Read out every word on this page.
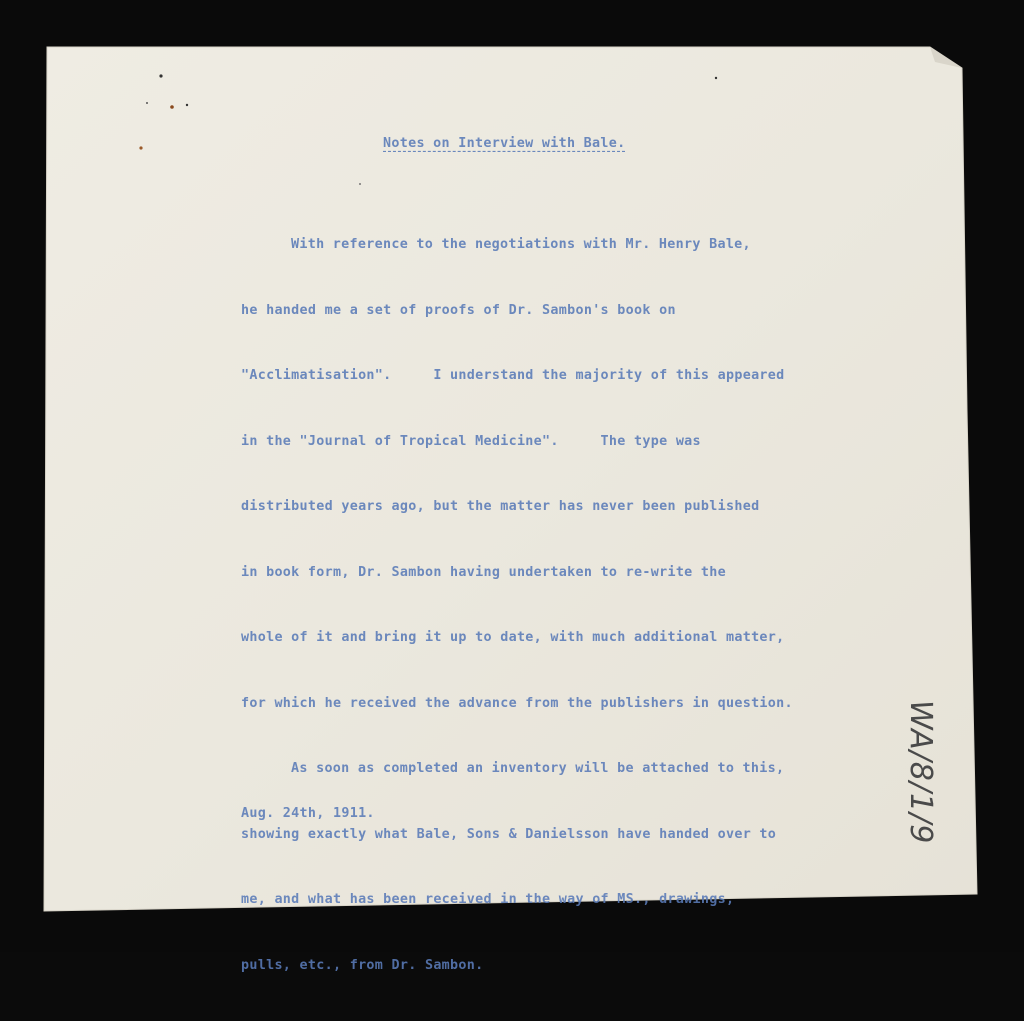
Notes on Interview with Bale.

With reference to the negotiations with Mr. Henry Bale,

he handed me a set of proofs of Dr. Sambon's book on

"Acclimatisation".     I understand the majority of this appeared

in the "Journal of Tropical Medicine".     The type was

distributed years ago, but the matter has never been published

in book form, Dr. Sambon having undertaken to re-write the

whole of it and bring it up to date, with much additional matter,

for which he received the advance from the publishers in question.

As soon as completed an inventory will be attached to this,

showing exactly what Bale, Sons & Danielsson have handed over to

me, and what has been received in the way of MS., drawings,

pulls, etc., from Dr. Sambon.

Aug. 24th, 1911.	WA/8/1/9
